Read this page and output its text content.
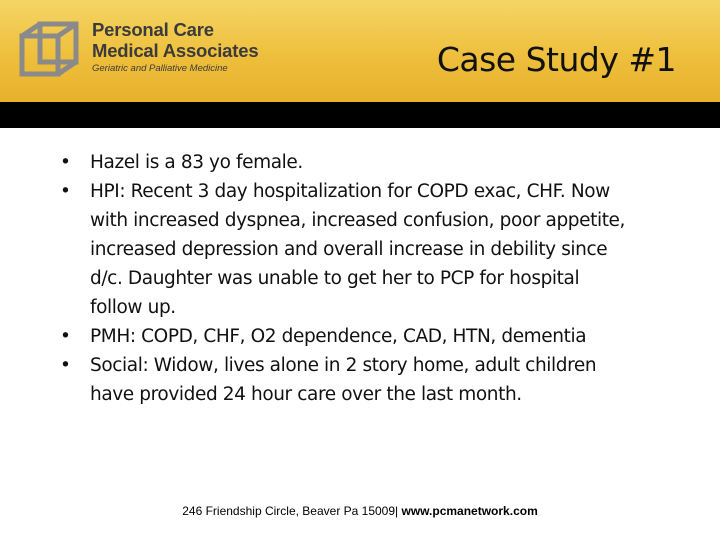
Personal Care
Medical Associates
Geriatric and Palliative Medicine	Case Study #1
• Hazel is a 83 yo female.
• HPI: Recent 3 day hospitalization for COPD exac, CHF. Now
with increased dyspnea, increased confusion, poor appetite,
increased depression and overall increase in debility since
d/c. Daughter was unable to get her to PCP for hospital
follow up.
• PMH: COPD, CHF, O2 dependence, CAD, HTN, dementia
• Social: Widow, lives alone in 2 story home, adult children
have provided 24 hour care over the last month.
246 Friendship Circle, Beaver Pa 15009| www.pcmanetwork.com
